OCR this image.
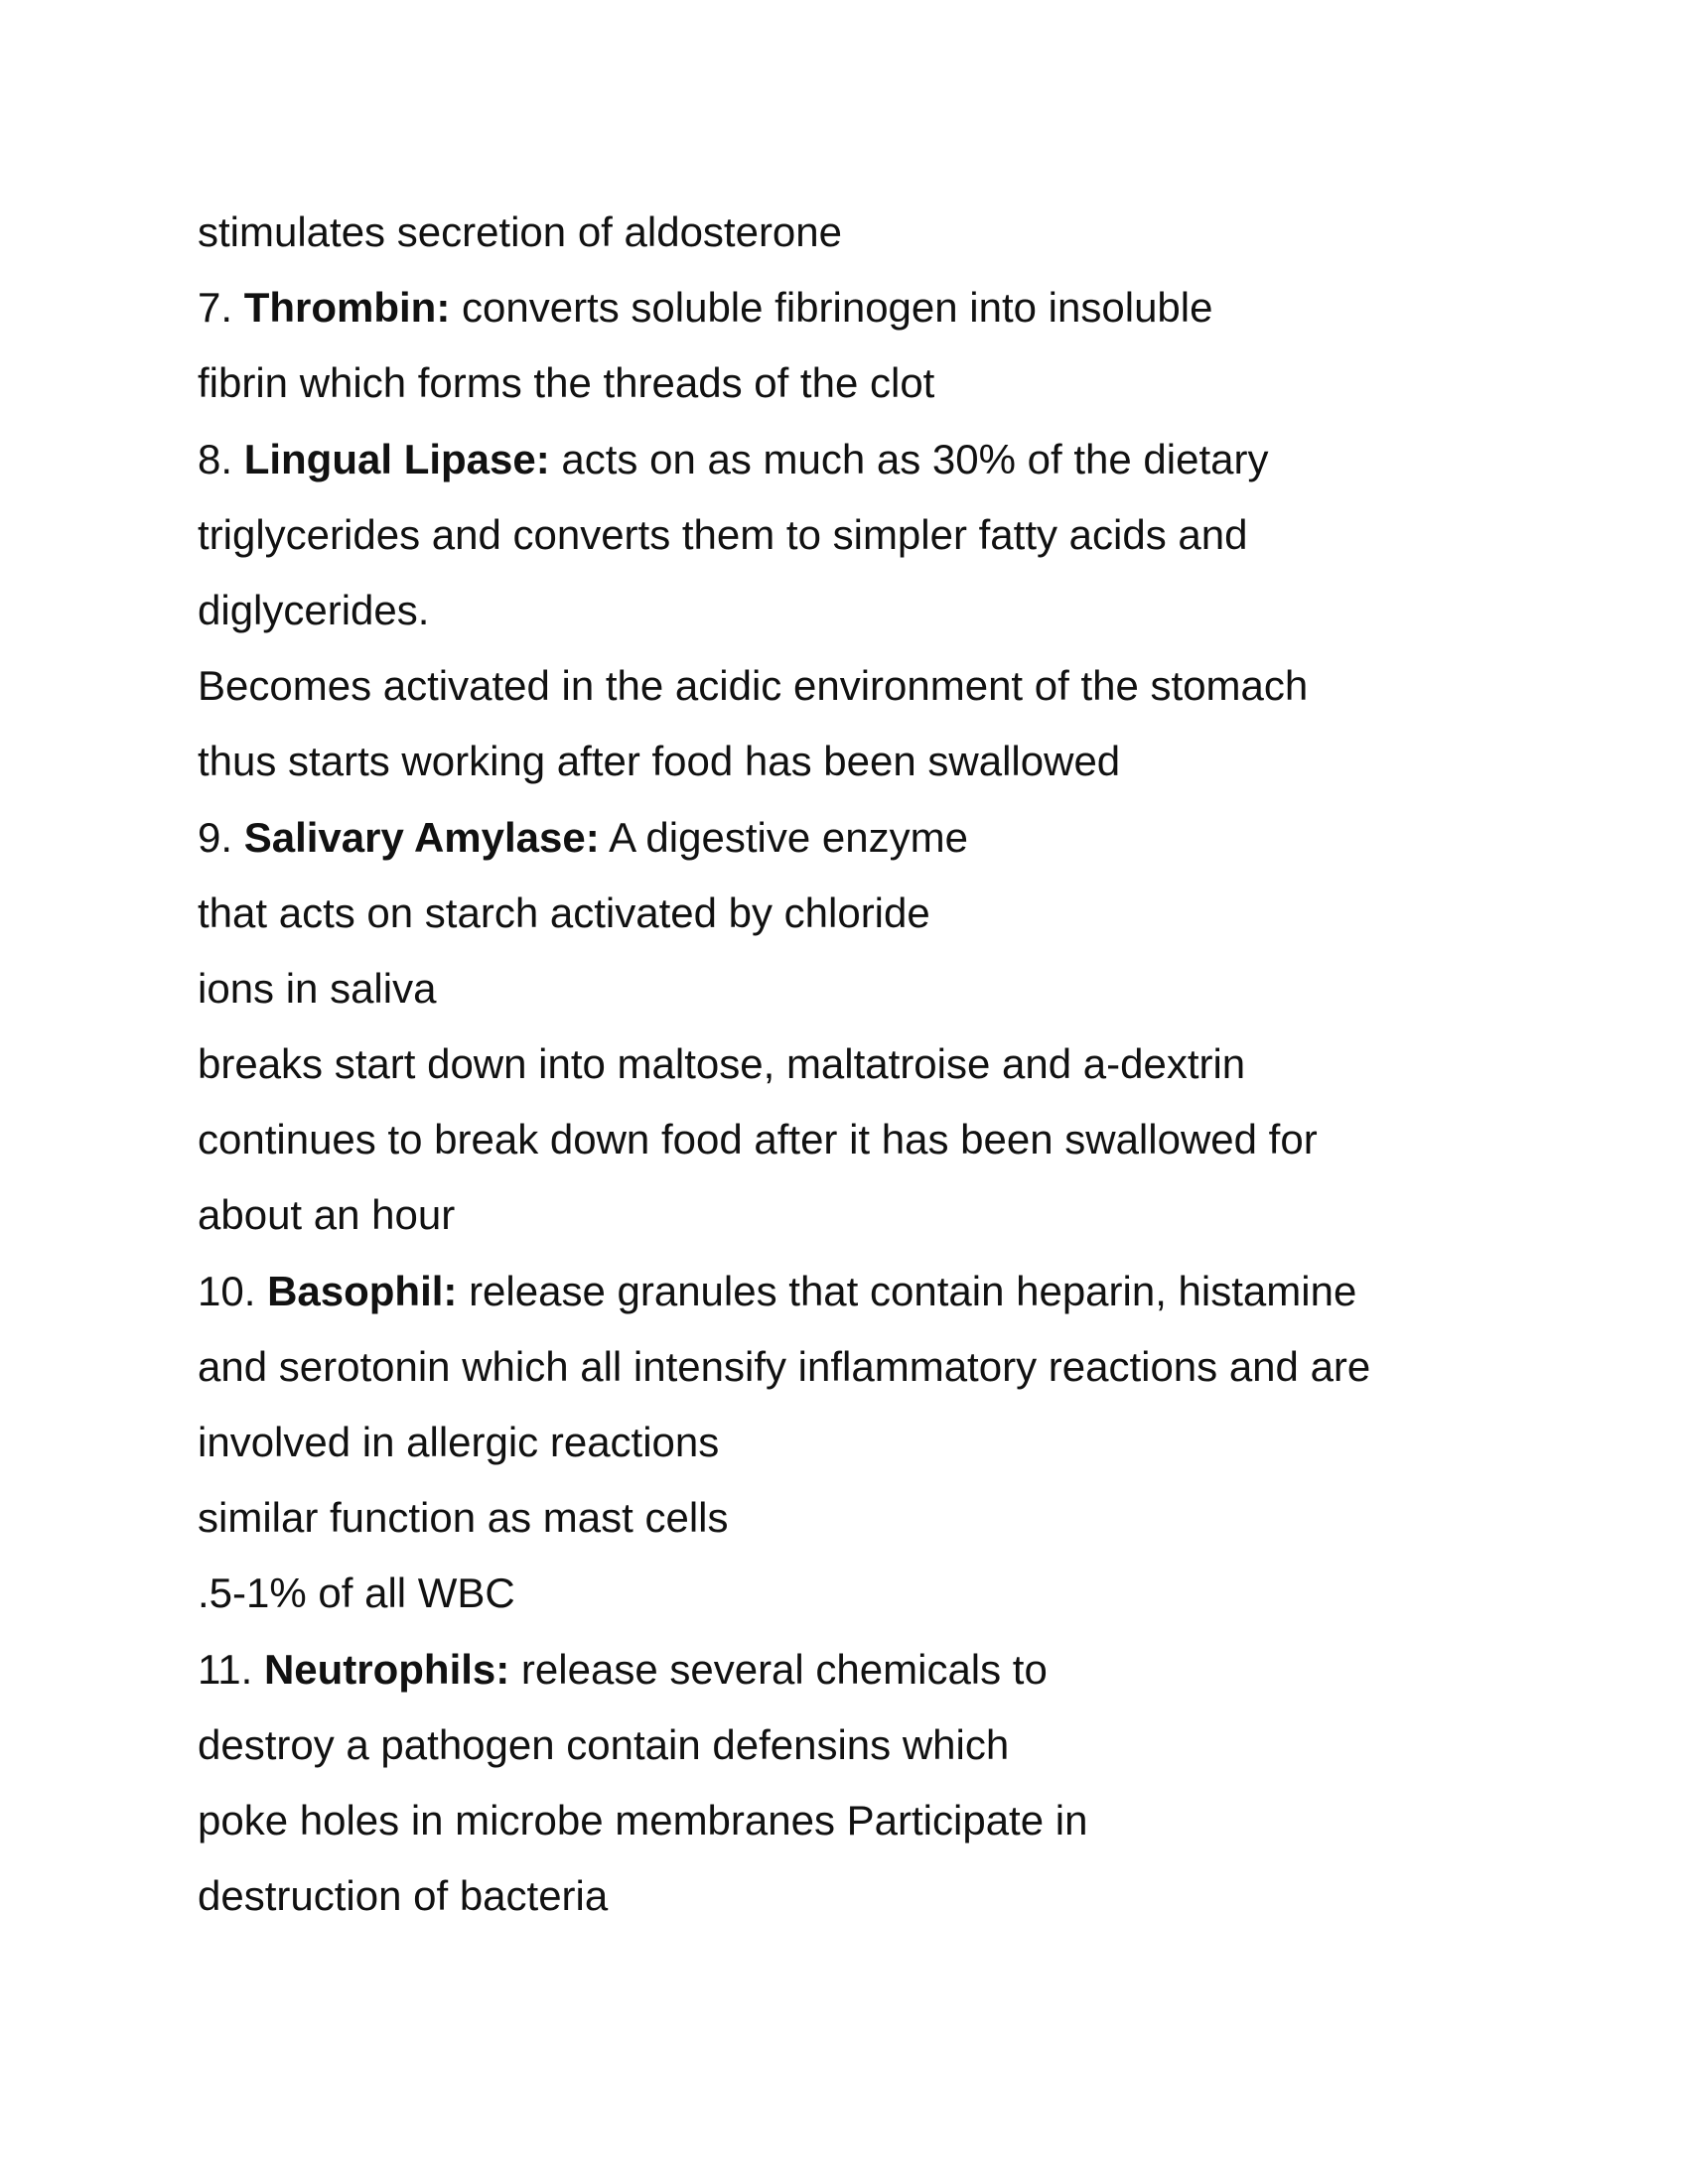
stimulates secretion of aldosterone
7. Thrombin: converts soluble fibrinogen into insoluble
fibrin which forms the threads of the clot
8. Lingual Lipase: acts on as much as 30% of the dietary
triglycerides and converts them to simpler fatty acids and
diglycerides.
Becomes activated in the acidic environment of the stomach
thus starts working after food has been swallowed
9. Salivary Amylase: A digestive enzyme
that acts on starch activated by chloride
ions in saliva
breaks start down into maltose, maltatroise and a-dextrin
continues to break down food after it has been swallowed for
about an hour
10. Basophil: release granules that contain heparin, histamine
and serotonin which all intensify inflammatory reactions and are
involved in allergic reactions
similar function as mast cells
.5-1% of all WBC
11. Neutrophils: release several chemicals to
destroy a pathogen contain defensins which
poke holes in microbe membranes Participate in
destruction of bacteria
